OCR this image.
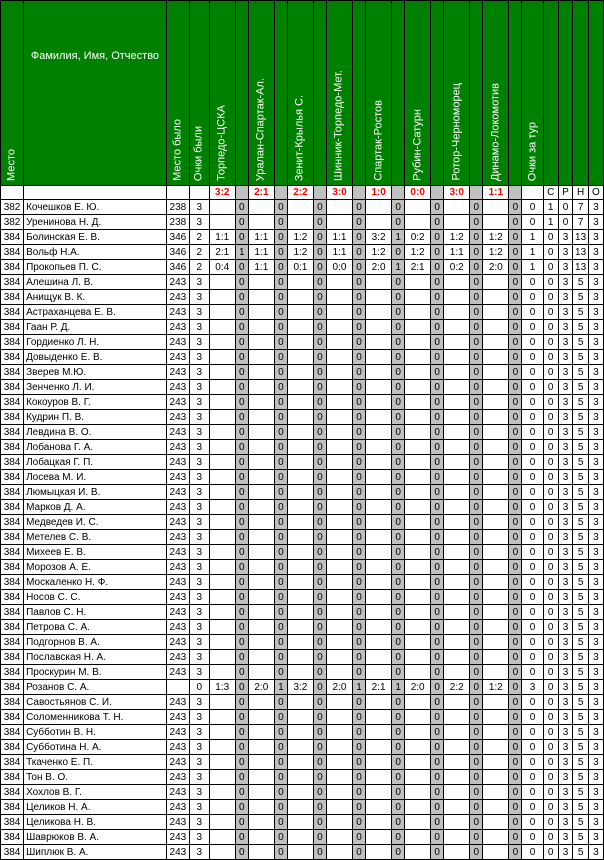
Место	Фамилия, Имя, Отчество	Место было	Очки были	Торпедо-ЦСКА		Уралан-Спартак-Ал.		Зенит-Крылья С.		Шинник-Торпедо-Мет.		Спартак-Ростов		Рубин-Сатурн		Ротор-Черноморец		Динамо-Локомотив		Очки за тур				

				3:2		2:1		2:2		3:0		1:0		0:0		3:0		1:1			С	Р	Н	О
382	Кочешков Е. Ю.	238	3		0		0		0		0		0		0		0		0	0	1	0	7	3
382	Уренинова Н. Д.	238	3		0		0		0		0		0		0		0		0	0	1	0	7	3
384	Болинская Е. В.	346	2	1:1	0	1:1	0	1:2	0	1:1	0	3:2	1	0:2	0	1:2	0	1:2	0	1	0	3	13	3
384	Вольф Н.А.	346	2	2:1	1	1:1	0	1:2	0	1:1	0	1:2	0	1:2	0	1:1	0	1:2	0	1	0	3	13	3
384	Прокопьев П. С.	346	2	0:4	0	1:1	0	0:1	0	0:0	0	2:0	1	2:1	0	0:2	0	2:0	0	1	0	3	13	3
384	Алешина Л. В.	243	3		0		0		0		0		0		0		0		0	0	0	3	5	3
384	Анищук В. К.	243	3		0		0		0		0		0		0		0		0	0	0	3	5	3
384	Астраханцева Е. В.	243	3		0		0		0		0		0		0		0		0	0	0	3	5	3
384	Гаан Р. Д.	243	3		0		0		0		0		0		0		0		0	0	0	3	5	3
384	Гордиенко Л. Н.	243	3		0		0		0		0		0		0		0		0	0	0	3	5	3
384	Довыденко Е. В.	243	3		0		0		0		0		0		0		0		0	0	0	3	5	3
384	Зверев М.Ю.	243	3		0		0		0		0		0		0		0		0	0	0	3	5	3
384	Зенченко Л. И.	243	3		0		0		0		0		0		0		0		0	0	0	3	5	3
384	Кокоуров В. Г.	243	3		0		0		0		0		0		0		0		0	0	0	3	5	3
384	Кудрин П. В.	243	3		0		0		0		0		0		0		0		0	0	0	3	5	3
384	Левдина В. О.	243	3		0		0		0		0		0		0		0		0	0	0	3	5	3
384	Лобанова Г. А.	243	3		0		0		0		0		0		0		0		0	0	0	3	5	3
384	Лобацкая Г. П.	243	3		0		0		0		0		0		0		0		0	0	0	3	5	3
384	Лосева М. И.	243	3		0		0		0		0		0		0		0		0	0	0	3	5	3
384	Люмыцкая И. В.	243	3		0		0		0		0		0		0		0		0	0	0	3	5	3
384	Марков Д. А.	243	3		0		0		0		0		0		0		0		0	0	0	3	5	3
384	Медведев И. С.	243	3		0		0		0		0		0		0		0		0	0	0	3	5	3
384	Метелев С. В.	243	3		0		0		0		0		0		0		0		0	0	0	3	5	3
384	Михеев Е. В.	243	3		0		0		0		0		0		0		0		0	0	0	3	5	3
384	Морозов А. Е.	243	3		0		0		0		0		0		0		0		0	0	0	3	5	3
384	Москаленко Н. Ф.	243	3		0		0		0		0		0		0		0		0	0	0	3	5	3
384	Носов С. С.	243	3		0		0		0		0		0		0		0		0	0	0	3	5	3
384	Павлов С. Н.	243	3		0		0		0		0		0		0		0		0	0	0	3	5	3
384	Петрова С. А.	243	3		0		0		0		0		0		0		0		0	0	0	3	5	3
384	Подгорнов В. А.	243	3		0		0		0		0		0		0		0		0	0	0	3	5	3
384	Пославская Н. А.	243	3		0		0		0		0		0		0		0		0	0	0	3	5	3
384	Проскурин М. В.	243	3		0		0		0		0		0		0		0		0	0	0	3	5	3
384	Розанов С. А.		0	1:3	0	2:0	1	3:2	0	2:0	1	2:1	1	2:0	0	2:2	0	1:2	0	3	0	3	5	3
384	Савостьянов С. И.	243	3		0		0		0		0		0		0		0		0	0	0	3	5	3
384	Соломенникова Т. Н.	243	3		0		0		0		0		0		0		0		0	0	0	3	5	3
384	Субботин В. Н.	243	3		0		0		0		0		0		0		0		0	0	0	3	5	3
384	Субботина Н. А.	243	3		0		0		0		0		0		0		0		0	0	0	3	5	3
384	Ткаченко Е. П.	243	3		0		0		0		0		0		0		0		0	0	0	3	5	3
384	Тон В. О.	243	3		0		0		0		0		0		0		0		0	0	0	3	5	3
384	Хохлов В. Г.	243	3		0		0		0		0		0		0		0		0	0	0	3	5	3
384	Целиков Н. А.	243	3		0		0		0		0		0		0		0		0	0	0	3	5	3
384	Целикова Н. В.	243	3		0		0		0		0		0		0		0		0	0	0	3	5	3
384	Шаврюков В. А.	243	3		0		0		0		0		0		0		0		0	0	0	3	5	3
384	Шиплюк В. А.	243	3		0		0		0		0		0		0		0		0	0	0	3	5	3
